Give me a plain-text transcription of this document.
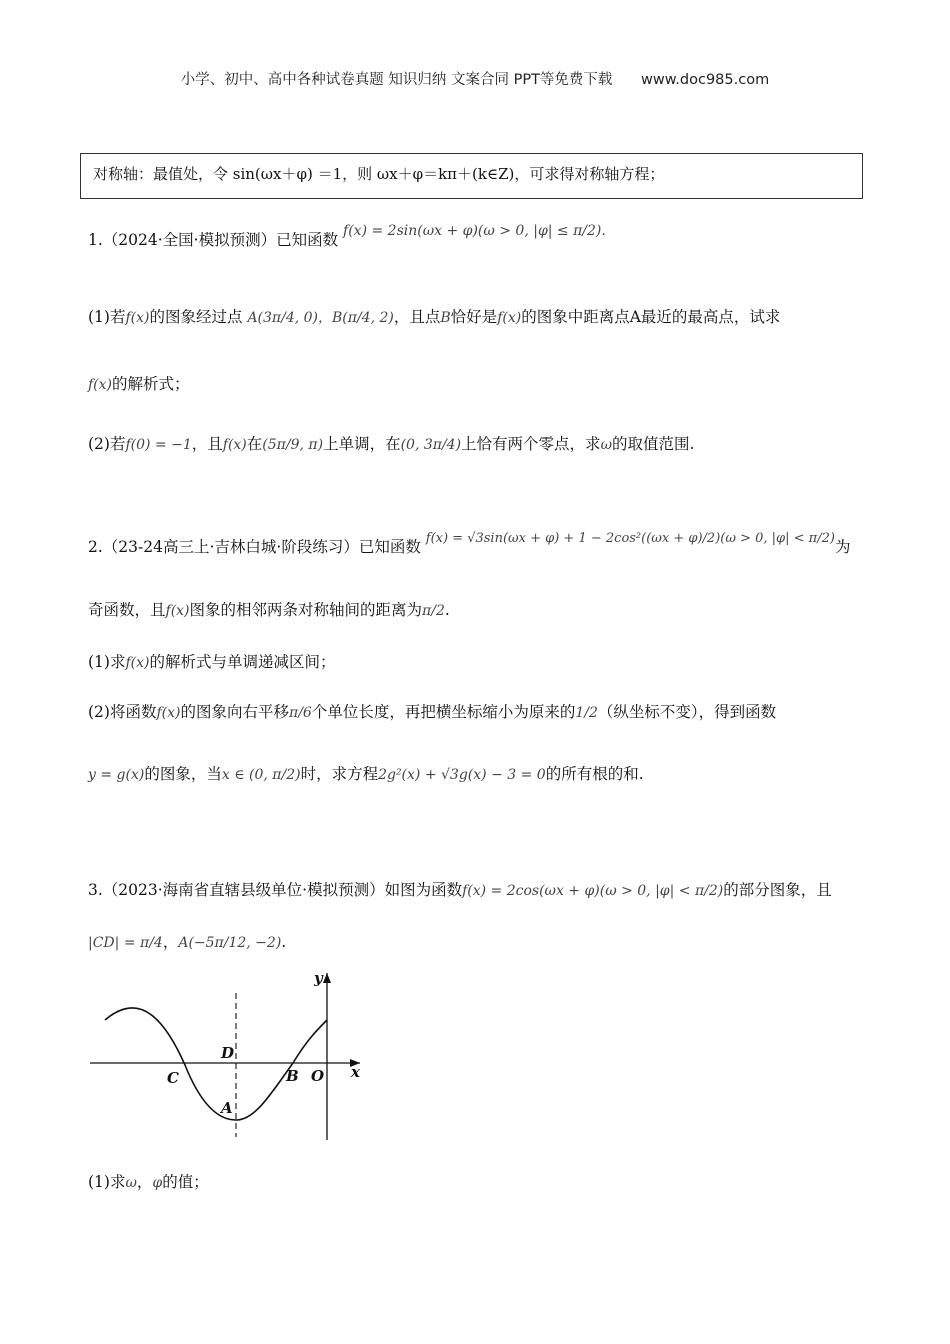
小学、初中、高中各种试卷真题 知识归纳 文案合同 PPT等免费下载 www.doc985.com
对称轴：最值处，令 sin(ωx＋φ) ＝1，则 ωx＋φ＝kπ＋(k∈Z)，可求得对称轴方程；
1.（2024·全国·模拟预测）已知函数 f(x) = 2sin(ωx + φ)(ω > 0, |φ| ≤ π/2).
(1)若f(x)的图象经过点 A(3π/4, 0)，B(π/4, 2)，且点B恰好是f(x)的图象中距离点A最近的最高点，试求
f(x)的解析式；
(2)若f(0) = −1，且f(x)在(5π/9, π)上单调，在(0, 3π/4)上恰有两个零点，求ω的取值范围.
2.（23-24高三上·吉林白城·阶段练习）已知函数 $^{f(x) = √3sin(\omega x + \varphi) + 1 - 2cos^2((\omega x + \varphi)/2)(\omega > 0, |\varphi| < \pi/2)}$为
奇函数，且f(x)图象的相邻两条对称轴间的距离为π/2.
(1)求f(x)的解析式与单调递减区间；
(2)将函数f(x)的图象向右平移π/6个单位长度，再把横坐标缩小为原来的1/2（纵坐标不变），得到函数
y = g(x)的图象，当x ∈ (0, π/2)时，求方程2g²(x) + √3g(x) − 3 = 0的所有根的和.
3.（2023·海南省直辖县级单位·模拟预测）如图为函数f(x) = 2cos(ωx + φ)(ω > 0, |φ| < π/2)的部分图象，且
|CD| = π/4，A(−5π/12, −2).
y
x
D
C	B O
A
(1)求ω，φ的值；
